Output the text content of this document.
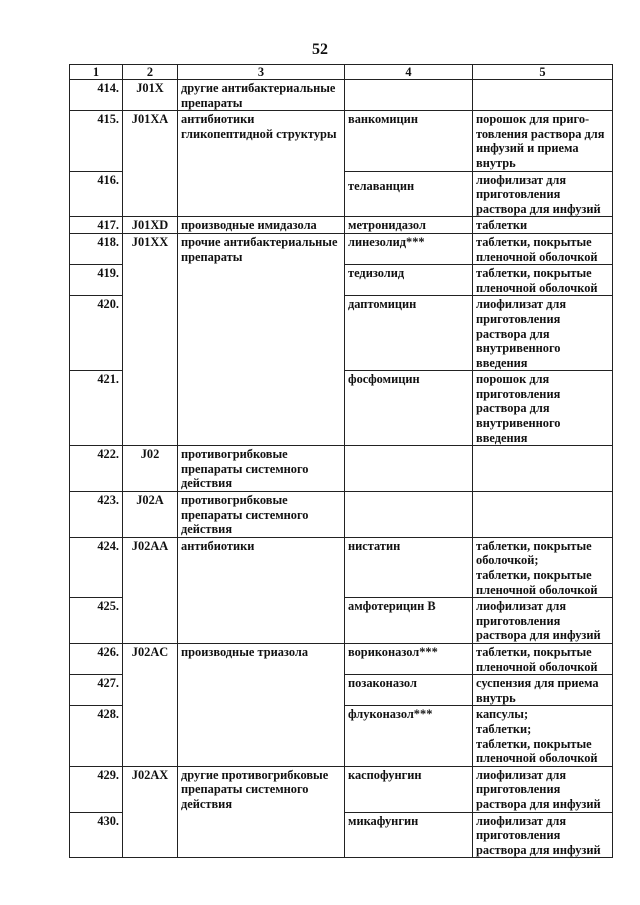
52
1	2	3	4	5
414.	J01X	другие антибактериальные препараты		
415.	J01XA	антибиотики гликопептидной структуры	ванкомицин	порошок для приго-товления раствора для инфузий и приема внутрь
416.			телаванцин	лиофилизат для приготовления раствора для инфузий
417.	J01XD	производные имидазола	метронидазол	таблетки
418.	J01XX	прочие антибактериальные препараты	линезолид***	таблетки, покрытые пленочной оболочкой
419.			тедизолид	таблетки, покрытые пленочной оболочкой
420.			даптомицин	лиофилизат для приготовления раствора для внутривенного введения
421.			фосфомицин	порошок для приготовления раствора для внутривенного введения
422.	J02	противогрибковые препараты системного действия		
423.	J02A	противогрибковые препараты системного действия		
424.	J02AA	антибиотики	нистатин	таблетки, покрытые оболочкой;
таблетки, покрытые пленочной оболочкой
425.			амфотерицин В	лиофилизат для приготовления раствора для инфузий
426.	J02AC	производные триазола	вориконазол***	таблетки, покрытые пленочной оболочкой
427.			позаконазол	суспензия для приема внутрь
428.			флуконазол***	капсулы;
таблетки;
таблетки, покрытые пленочной оболочкой
429.	J02AX	другие противогрибковые препараты системного действия	каспофунгин	лиофилизат для приготовления раствора для инфузий
430.			микафунгин	лиофилизат для приготовления раствора для инфузий
